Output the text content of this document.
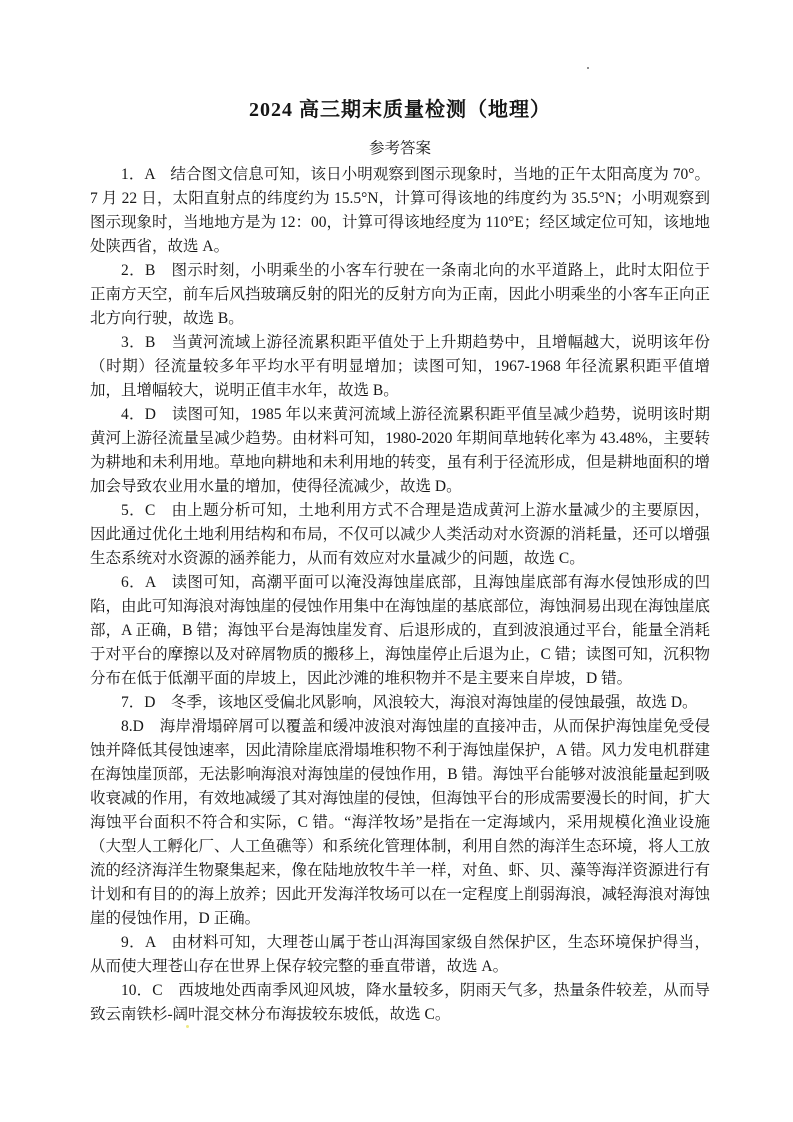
2024 高三期末质量检测（地理）
参考答案

1．A　结合图文信息可知，该日小明观察到图示现象时，当地的正午太阳高度为 70°。7 月 22 日，太阳直射点的纬度约为 15.5°N，计算可得该地的纬度约为 35.5°N；小明观察到图示现象时，当地地方是为 12：00，计算可得该地经度为 110°E；经区域定位可知，该地地处陕西省，故选 A。

2．B　图示时刻，小明乘坐的小客车行驶在一条南北向的水平道路上，此时太阳位于正南方天空，前车后风挡玻璃反射的阳光的反射方向为正南，因此小明乘坐的小客车正向正北方向行驶，故选 B。

3．B　当黄河流域上游径流累积距平值处于上升期趋势中，且增幅越大，说明该年份（时期）径流量较多年平均水平有明显增加；读图可知，1967-1968 年径流累积距平值增加，且增幅较大，说明正值丰水年，故选 B。

4．D　读图可知，1985 年以来黄河流域上游径流累积距平值呈减少趋势，说明该时期黄河上游径流量呈减少趋势。由材料可知，1980-2020 年期间草地转化率为 43.48%，主要转为耕地和未利用地。草地向耕地和未利用地的转变，虽有利于径流形成，但是耕地面积的增加会导致农业用水量的增加，使得径流减少，故选 D。

5．C　由上题分析可知，土地利用方式不合理是造成黄河上游水量减少的主要原因，因此通过优化土地利用结构和布局，不仅可以减少人类活动对水资源的消耗量，还可以增强生态系统对水资源的涵养能力，从而有效应对水量减少的问题，故选 C。

6．A　读图可知，高潮平面可以淹没海蚀崖底部，且海蚀崖底部有海水侵蚀形成的凹陷，由此可知海浪对海蚀崖的侵蚀作用集中在海蚀崖的基底部位，海蚀洞易出现在海蚀崖底部，A 正确，B 错；海蚀平台是海蚀崖发育、后退形成的，直到波浪通过平台，能量全消耗于对平台的摩擦以及对碎屑物质的搬移上，海蚀崖停止后退为止，C 错；读图可知，沉积物分布在低于低潮平面的岸坡上，因此沙滩的堆积物并不是主要来自岸坡，D 错。

7．D　冬季，该地区受偏北风影响，风浪较大，海浪对海蚀崖的侵蚀最强，故选 D。

8.D　海岸滑塌碎屑可以覆盖和缓冲波浪对海蚀崖的直接冲击，从而保护海蚀崖免受侵蚀并降低其侵蚀速率，因此清除崖底滑塌堆积物不利于海蚀崖保护，A 错。风力发电机群建在海蚀崖顶部，无法影响海浪对海蚀崖的侵蚀作用，B 错。海蚀平台能够对波浪能量起到吸收衰减的作用，有效地减缓了其对海蚀崖的侵蚀，但海蚀平台的形成需要漫长的时间，扩大海蚀平台面积不符合和实际，C 错。“海洋牧场”是指在一定海域内，采用规模化渔业设施（大型人工孵化厂、人工鱼礁等）和系统化管理体制，利用自然的海洋生态环境，将人工放流的经济海洋生物聚集起来，像在陆地放牧牛羊一样，对鱼、虾、贝、藻等海洋资源进行有计划和有目的的海上放养；因此开发海洋牧场可以在一定程度上削弱海浪，减轻海浪对海蚀崖的侵蚀作用，D 正确。

9．A　由材料可知，大理苍山属于苍山洱海国家级自然保护区，生态环境保护得当，从而使大理苍山存在世界上保存较完整的垂直带谱，故选 A。

10．C　西坡地处西南季风迎风坡，降水量较多，阴雨天气多，热量条件较差，从而导致云南铁杉-阔叶混交林分布海拔较东坡低，故选 C。
